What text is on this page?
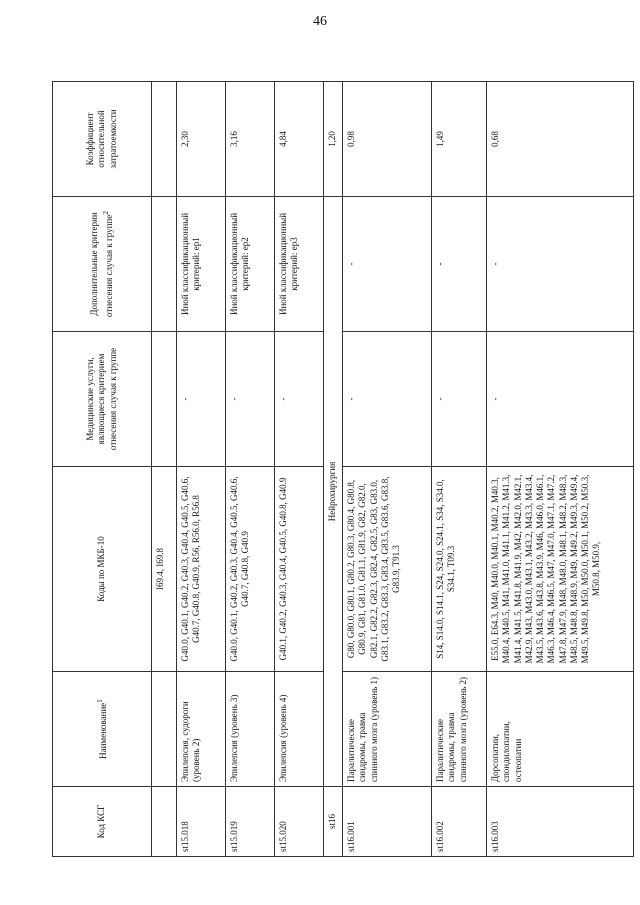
46
Код КСГ	Наименование$^1$	Коды по МКБ-10	Медицинские услуги, являющиеся критерием отнесения случая к группе	Дополнительные критерии отнесения случая к группе$^2$	Коэффициент относительной затратоемкости
		I69.4, I69.8			
st15.018	Эпилепсия, судороги (уровень 2)	G40.0, G40.1, G40.2, G40.3, G40.4, G40.5, G40.6, G40.7, G40.8, G40.9, R56, R56.0, R56.8	-	Иной классификационный критерий: ep1	2,30
st15.019	Эпилепсия (уровень 3)	G40.0, G40.1, G40.2, G40.3, G40.4, G40.5, G40.6, G40.7, G40.8, G40.9	-	Иной классификационный критерий: ep2	3,16
st15.020	Эпилепсия (уровень 4)	G40.1, G40.2, G40.3, G40.4, G40.5, G40.8, G40.9	-	Иной классификационный критерий: ep3	4,84
st16	Нейрохирургия				1,20
st16.001	Паралитические синдромы, травма спинного мозга (уровень 1)	G80, G80.0, G80.1, G80.2, G80.3, G80.4, G80.8, G80.9, G81, G81.0, G81.1, G81.9, G82, G82.0, G82.1, G82.2, G82.3, G82.4, G82.5, G83, G83.0, G83.1, G83.2, G83.3, G83.4, G83.5, G83.6, G83.8, G83.9, T91.3	-	-	0,98
st16.002	Паралитические синдромы, травма спинного мозга (уровень 2)	S14, S14.0, S14.1, S24, S24.0, S24.1, S34, S34.0, S34.1, T09.3	-	-	1,49
st16.003	Дорсопатии, спондилопатии, остеопатии	E55.0, E64.3, M40, M40.0, M40.1, M40.2, M40.3, M40.4, M40.5, M41, M41.0, M41.1, M41.2, M41.3, M41.4, M41.5, M41.8, M41.9, M42, M42.0, M42.1, M42.9, M43, M43.0, M43.1, M43.2, M43.3, M43.4, M43.5, M43.6, M43.8, M43.9, M46, M46.0, M46.1, M46.3, M46.4, M46.5, M47, M47.0, M47.1, M47.2, M47.8, M47.9, M48, M48.0, M48.1, M48.2, M48.3, M48.5, M48.8, M48.9, M49, M49.2, M49.3, M49.4, M49.5, M49.8, M50, M50.0, M50.1, M50.2, M50.3, M50.8, M50.9,	-	-	0,68
